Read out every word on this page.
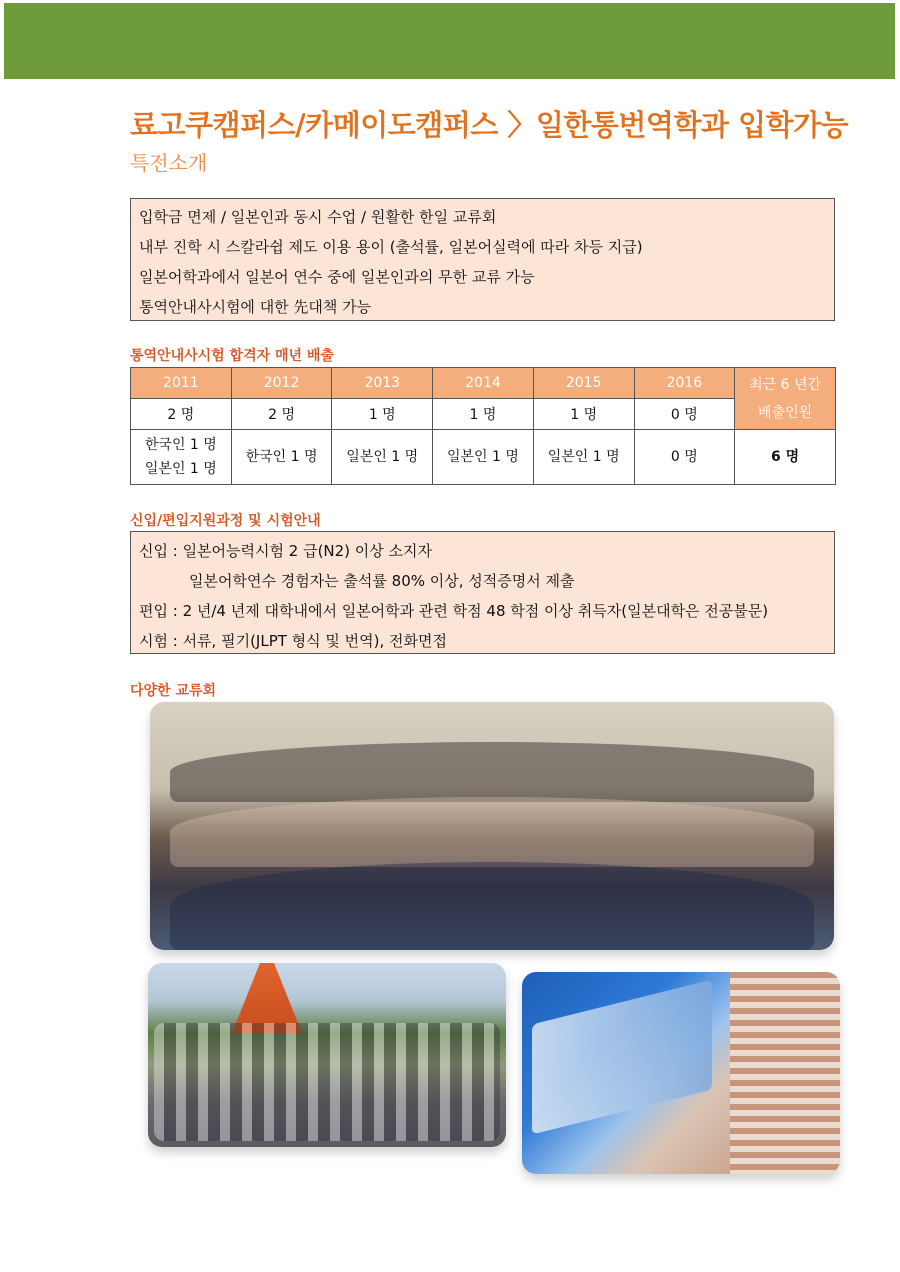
료고쿠캠퍼스/카메이도캠퍼스 〉일한통번역학과 입학가능
특전소개
입학금 면제 / 일본인과 동시 수업 / 원활한 한일 교류회
내부 진학 시 스칼라쉽 제도 이용 용이 (출석률, 일본어실력에 따라 차등 지급)
일본어학과에서 일본어 연수 중에 일본인과의 무한 교류 가능
통역안내사시험에 대한 先대책 가능
통역안내사시험 합격자 매년 배출
2011	2012	2013	2014	2015	2016	최근 6 년간
배출인원

2 명	2 명	1 명	1 명	1 명	0 명	

한국인 1 명
일본인 1 명	한국인 1 명	일본인 1 명	일본인 1 명	일본인 1 명	0 명	6 명
신입/편입지원과정 및 시험안내
신입 : 일본어능력시험 2 급(N2) 이상 소지자
일본어학연수 경험자는 출석률 80% 이상, 성적증명서 제출
편입 : 2 년/4 년제 대학내에서 일본어학과 관련 학점 48 학점 이상 취득자(일본대학은 전공불문)
시험 : 서류, 필기(JLPT 형식 및 번역), 전화면접
다양한 교류회
